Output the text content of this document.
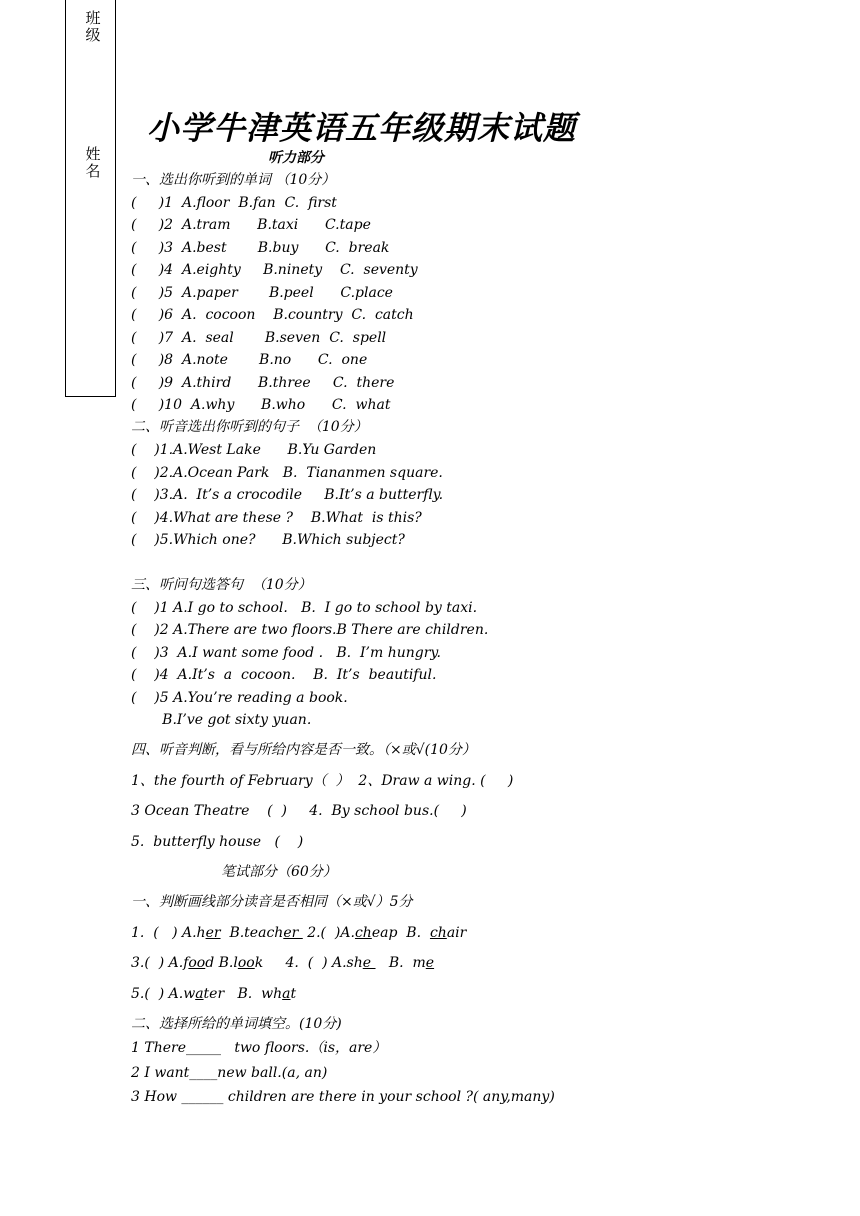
班级
姓名
小学牛津英语五年级期末试题
听力部分
一、选出你听到的单词 （10分）
(     )1  A.floor  B.fan  C.  first
(     )2  A.tram      B.taxi      C.tape
(     )3  A.best       B.buy      C.  break
(     )4  A.eighty     B.ninety    C.  seventy
(     )5  A.paper       B.peel      C.place
(     )6  A.  cocoon    B.country  C.  catch
(     )7  A.  seal       B.seven  C.  spell
(     )8  A.note       B.no      C.  one
(     )9  A.third      B.three     C.  there
(     )10  A.why      B.who      C.  what
二、听音选出你听到的句子  （10分）
(    )1.A.West Lake      B.Yu Garden
(    )2.A.Ocean Park   B.  Tiananmen square.
(    )3.A.  It’s a crocodile     B.It’s a butterfly.
(    )4.What are these ?    B.What  is this?
(    )5.Which one?      B.Which subject?
三、听问句选答句  （10分）
(    )1 A.I go to school.   B.  I go to school by taxi.
(    )2 A.There are two floors.B There are children.
(    )3  A.I want some food .   B.  I’m hungry.
(    )4  A.It’s  a  cocoon.    B.  It’s  beautiful.
(    )5 A.You’re reading a book.
B.I’ve got sixty yuan.
四、听音判断，看与所给内容是否一致。（×或√(10分）
1、the fourth of February（  ）  2、Draw a wing. (     )
3 Ocean Theatre    (  )     4.  By school bus.(     )
5.  butterfly house   (    )
笔试部分（60分）
一、判断画线部分读音是否相同（×或√）5分
1.  (   ) A.her  B.teacher  2.(  )A.cheap  B.  chair
3.(  ) A.food B.look     4.  (  ) A.she    B.  me
5.(  ) A.water   B.  what
二、选择所给的单词填空。(10分)
1 There_____   two floors.（is，are）
2 I want____new ball.(a, an)
3 How ______ children are there in your school ?( any,many)
